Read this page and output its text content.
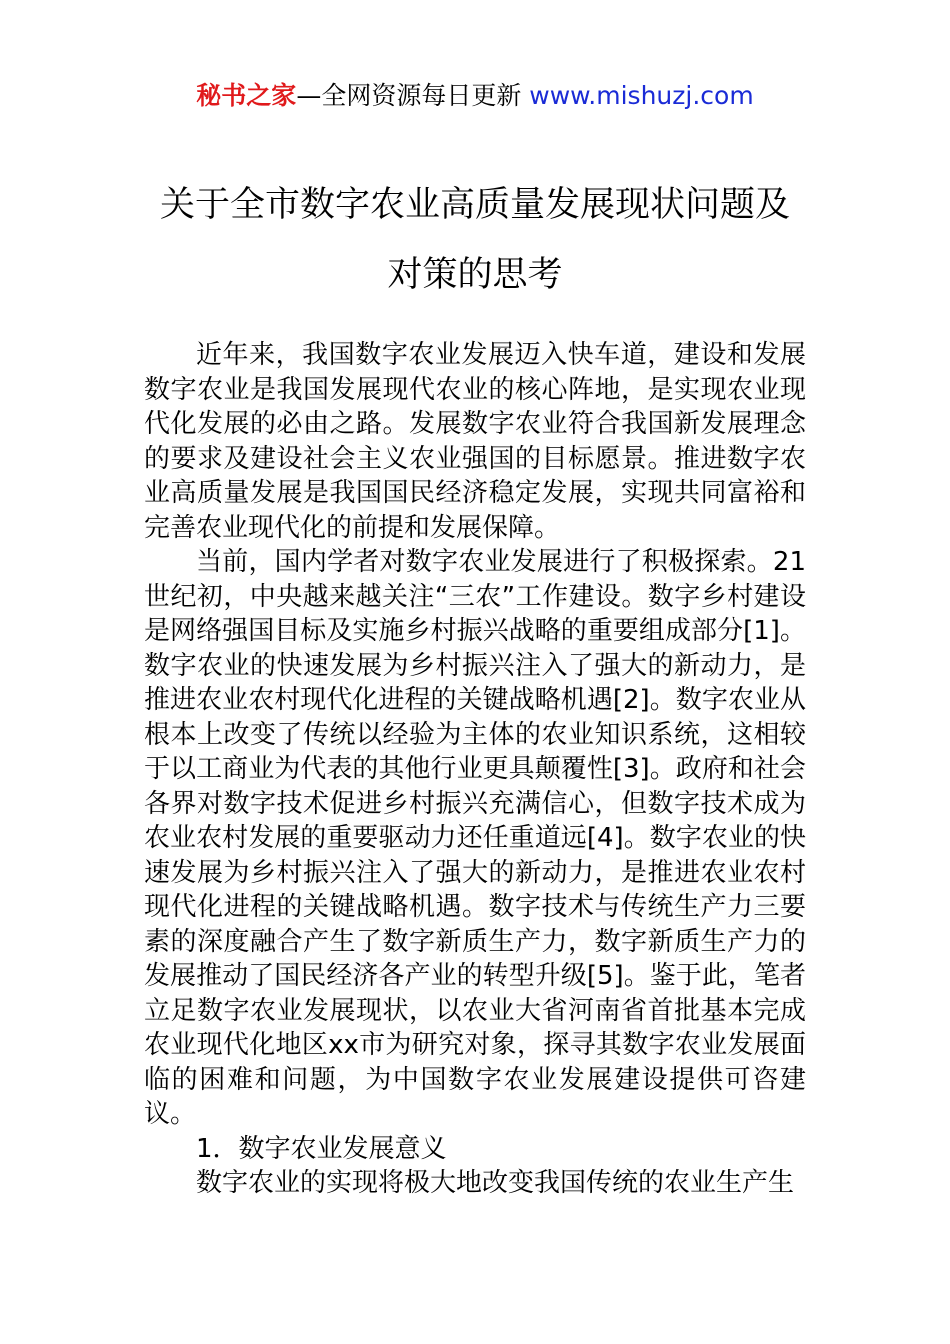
秘书之家—全网资源每日更新 www.mishuzj.com
关于全市数字农业高质量发展现状问题及
对策的思考

近年来，我国数字农业发展迈入快车道，建设和发展数字农业是我国发展现代农业的核心阵地，是实现农业现代化发展的必由之路。发展数字农业符合我国新发展理念的要求及建设社会主义农业强国的目标愿景。推进数字农业高质量发展是我国国民经济稳定发展，实现共同富裕和完善农业现代化的前提和发展保障。

当前，国内学者对数字农业发展进行了积极探索。21世纪初，中央越来越关注“三农”工作建设。数字乡村建设是网络强国目标及实施乡村振兴战略的重要组成部分[1]。数字农业的快速发展为乡村振兴注入了强大的新动力，是推进农业农村现代化进程的关键战略机遇[2]。数字农业从根本上改变了传统以经验为主体的农业知识系统，这相较于以工商业为代表的其他行业更具颠覆性[3]。政府和社会各界对数字技术促进乡村振兴充满信心，但数字技术成为农业农村发展的重要驱动力还任重道远[4]。数字农业的快速发展为乡村振兴注入了强大的新动力，是推进农业农村现代化进程的关键战略机遇。数字技术与传统生产力三要素的深度融合产生了数字新质生产力，数字新质生产力的发展推动了国民经济各产业的转型升级[5]。鉴于此，笔者立足数字农业发展现状，以农业大省河南省首批基本完成农业现代化地区xx市为研究对象，探寻其数字农业发展面临的困难和问题，为中国数字农业发展建设提供可咨建议。

1．数字农业发展意义

数字农业的实现将极大地改变我国传统的农业生产生
